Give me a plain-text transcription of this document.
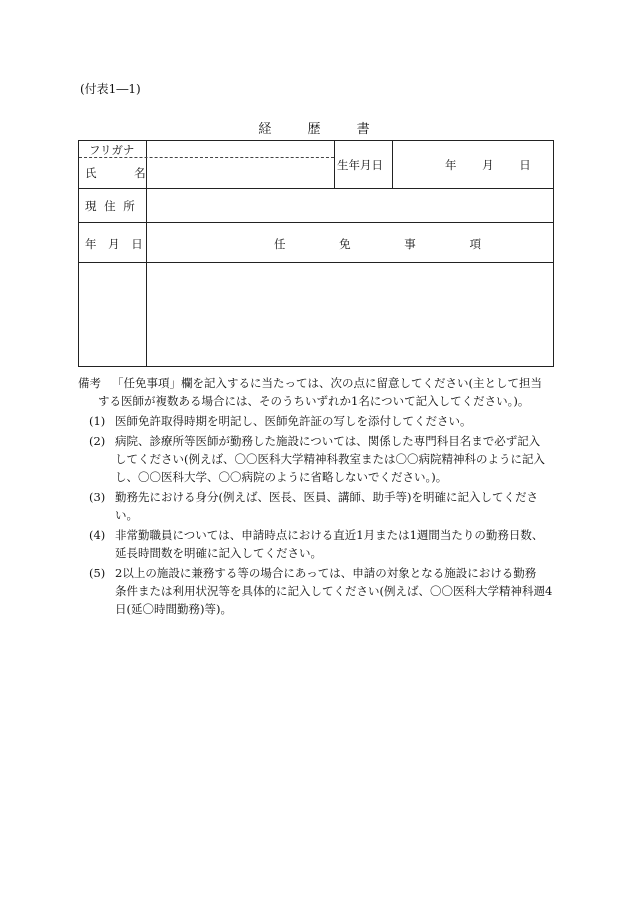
(付表1―1)
経 歴 書
フリガナ
氏 名
生年月日	年 月 日
現 住 所
年 月 日	任 免 事 項
備考 「任免事項」欄を記入するに当たっては、次の点に留意してください(主として担当
する医師が複数ある場合には、そのうちいずれか1名について記入してください。)。
(1) 医師免許取得時期を明記し、医師免許証の写しを添付してください。
(2) 病院、診療所等医師が勤務した施設については、関係した専門科目名まで必ず記入
してください(例えば、〇〇医科大学精神科教室または〇〇病院精神科のように記入
し、〇〇医科大学、〇〇病院のように省略しないでください。)。
(3) 勤務先における身分(例えば、医長、医員、講師、助手等)を明確に記入してくださ
い。
(4) 非常勤職員については、申請時点における直近1月または1週間当たりの勤務日数、
延長時間数を明確に記入してください。
(5) 2以上の施設に兼務する等の場合にあっては、申請の対象となる施設における勤務
条件または利用状況等を具体的に記入してください(例えば、〇〇医科大学精神科週4
日(延〇時間勤務)等)。
